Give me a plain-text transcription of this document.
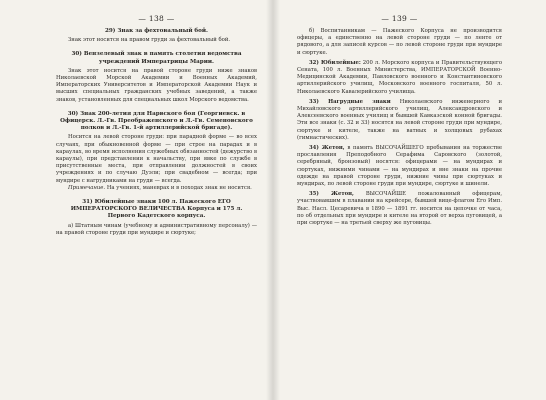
— 138 —
29) Знак за фехтовальный бой.

Знак этот носится на правом груди за фехтовальный бой.

30) Вензелевый знак в память столетия ведомства учреждений Императрицы Марии.

Знак этот носится на правой стороне груди ниже знаков Николаевской Морской Академии и Военных Академий, Императорских Университетов и Императорской Академии Наук и высших специальных гражданских учебных заведений, а также знаков, установленных для специальных школ Морского ведомства.

30) Знак 200-летия для Нарвского боя (Георгиевск. в Офицерск. Л.-Гв. Преображенского и Л.-Гв. Семеновского полков и Л.-Гв. 1-й артиллерийской бригаде).

Носится на левой стороне груди: при парадной форме — во всех случаях, при обыкновенной форме — при строе на парадах и в караулах, во время исполнения служебных обязанностей (дежурство в караулы), при представлении к начальству, при явке по службе в присутственные места, при отправлении должностей в своих учреждениях и по случаю Дуэли; при свадебном — всегда; при мундире с нагрудниками на груди — всегда.

Примечание. На учениях, маневрах и в походах знак не носится.

31) Юбилейные знаки 100 л. Пажеского ЕГО ИМПЕРАТОРСКОГО ВЕЛИЧЕСТВА Корпуса и 175 л. Первого Кадетского корпуса.

а) Штатным чинам (учебному и административному персоналу) — на правой стороне груди при мундире и сюртуке;

— 139 —

б) Воспитанникам — Пажеского Корпуса не производится офицеры, а единственно на левой стороне груди — по ленте от рядового, а для записей курсов — по левой стороне груди при мундире и сюртуке.

32) Юбилейные: 200 л. Морского корпуса и Правительствующего Сената, 100 л. Военных Министерства, ИМПЕРАТОРСКОЙ Военно-Медицинской Академии, Павловского военного и Константиновского артиллерийского училищ, Московского военного госпиталя, 50 л. Николаевского Кавалерийского училища.

33) Нагрудные знаки Николаевского инженерного и Михайловского артиллерийского училищ, Александровского и Алексеевского военных училищ и бывшей Кавказской конной бригады. Эти все знаки (с. 32 и 33) носятся на левой стороне груди при мундире, сюртуке и кителе, также на ватных и холщовых рубахах (гимнастических).

34) Жетон, в память ВЫСОЧАЙШЕГО пребывания на торжестве прославления Преподобного Серафима Саровского (золотой, серебряный, бронзовый) носятся: офицерами — на мундирах и сюртуках, нижними чинами — на мундирах и вне знаки на прочие одежде на правой стороне груди, нижние чины при сюртуках и мундирах, по левой стороне груди при мундире, сюртуке и шинели.

35) Жетон, ВЫСОЧАЙШЕ пожалованный офицерам, участвовавшим в плавании на крейсере, бывшей вице-флагом Его Имп. Выс. Насл. Цесаревича в 1890 — 1891 гг. носится на цепочке от часа, по об отдельных при мундире и кителе на второй от верха пуговицей, а при сюртуке — на третьей сверху же пуговицы.
